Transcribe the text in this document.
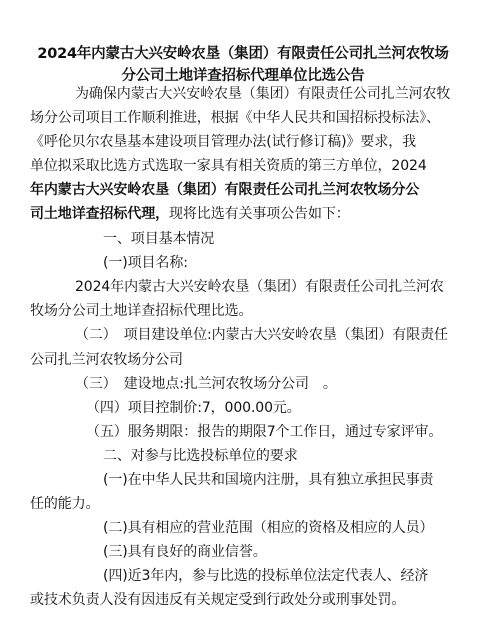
2024年内蒙古大兴安岭农垦（集团）有限责任公司扎兰河农牧场
分公司土地详查招标代理单位比选公告
为确保内蒙古大兴安岭农垦（集团）有限责任公司扎兰河农牧
场分公司项目工作顺利推进，根据《中华人民共和国招标投标法》、
《呼伦贝尔农垦基本建设项目管理办法(试行修订稿)》要求，我
单位拟采取比选方式选取一家具有相关资质的第三方单位，2024
年内蒙古大兴安岭农垦（集团）有限责任公司扎兰河农牧场分公
司土地详查招标代理，现将比选有关事项公告如下：
一、项目基本情况
(一)项目名称:
2024年内蒙古大兴安岭农垦（集团）有限责任公司扎兰河农
牧场分公司土地详查招标代理比选。
（二）　项目建设单位:内蒙古大兴安岭农垦（集团）有限责任
公司扎兰河农牧场分公司
（三）　建设地点:扎兰河农牧场分公司　。
（四）项目控制价:7，000.00元。
（五）服务期限：报告的期限7个工作日，通过专家评审。
二、对参与比选投标单位的要求
(一)在中华人民共和国境内注册，具有独立承担民事责
任的能力。
(二)具有相应的营业范围（相应的资格及相应的人员）
(三)具有良好的商业信誉。
(四)近3年内，参与比选的投标单位法定代表人、经济
或技术负责人没有因违反有关规定受到行政处分或刑事处罚。
